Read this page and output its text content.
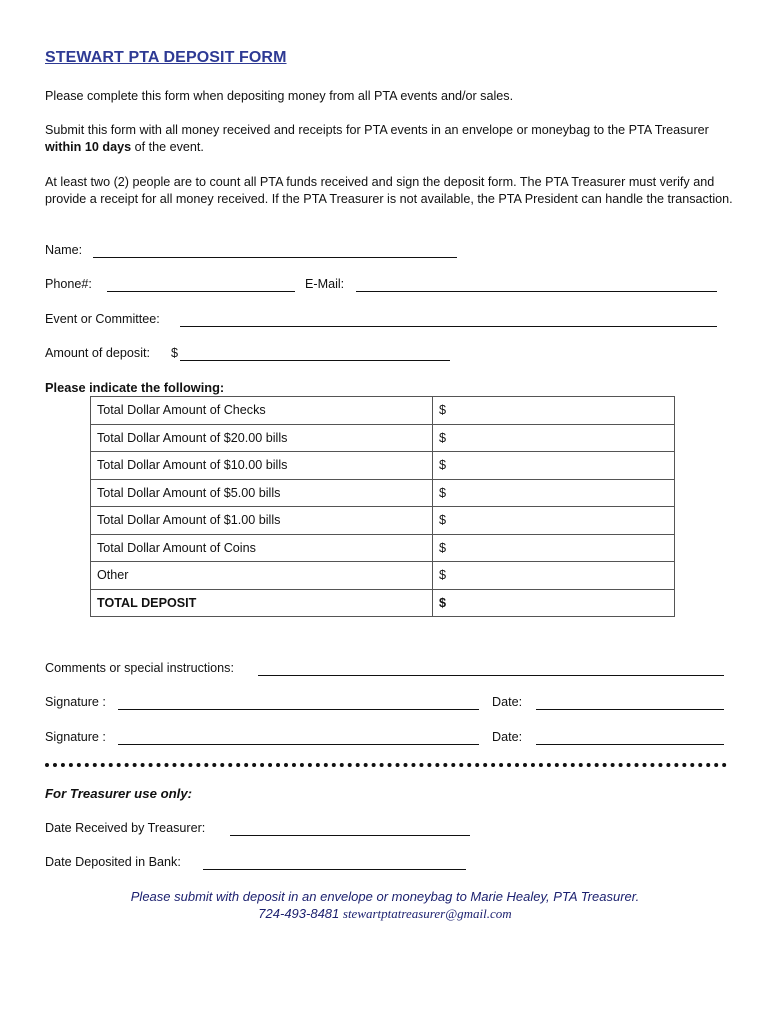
STEWART PTA DEPOSIT FORM

Please complete this form when depositing money from all PTA events and/or sales.

Submit this form with all money received and receipts for PTA events in an envelope or moneybag to the PTA Treasurer within 10 days of the event.

At least two (2) people are to count all PTA funds received and sign the deposit form. The PTA Treasurer must verify and provide a receipt for all money received. If the PTA Treasurer is not available, the PTA President can handle the transaction.

Name:
Phone#:	E-Mail:
Event or Committee:
Amount of deposit: $
Please indicate the following:
Total Dollar Amount of Checks	$
Total Dollar Amount of $20.00 bills	$
Total Dollar Amount of $10.00 bills	$
Total Dollar Amount of $5.00 bills	$
Total Dollar Amount of $1.00 bills	$
Total Dollar Amount of Coins	$
Other	$
TOTAL DEPOSIT	$
Comments or special instructions:
Signature :	Date:
Signature :	Date:
For Treasurer use only:
Date Received by Treasurer:
Date Deposited in Bank:

Please submit with deposit in an envelope or moneybag to Marie Healey, PTA Treasurer.

724-493-8481 stewartptatreasurer@gmail.com
